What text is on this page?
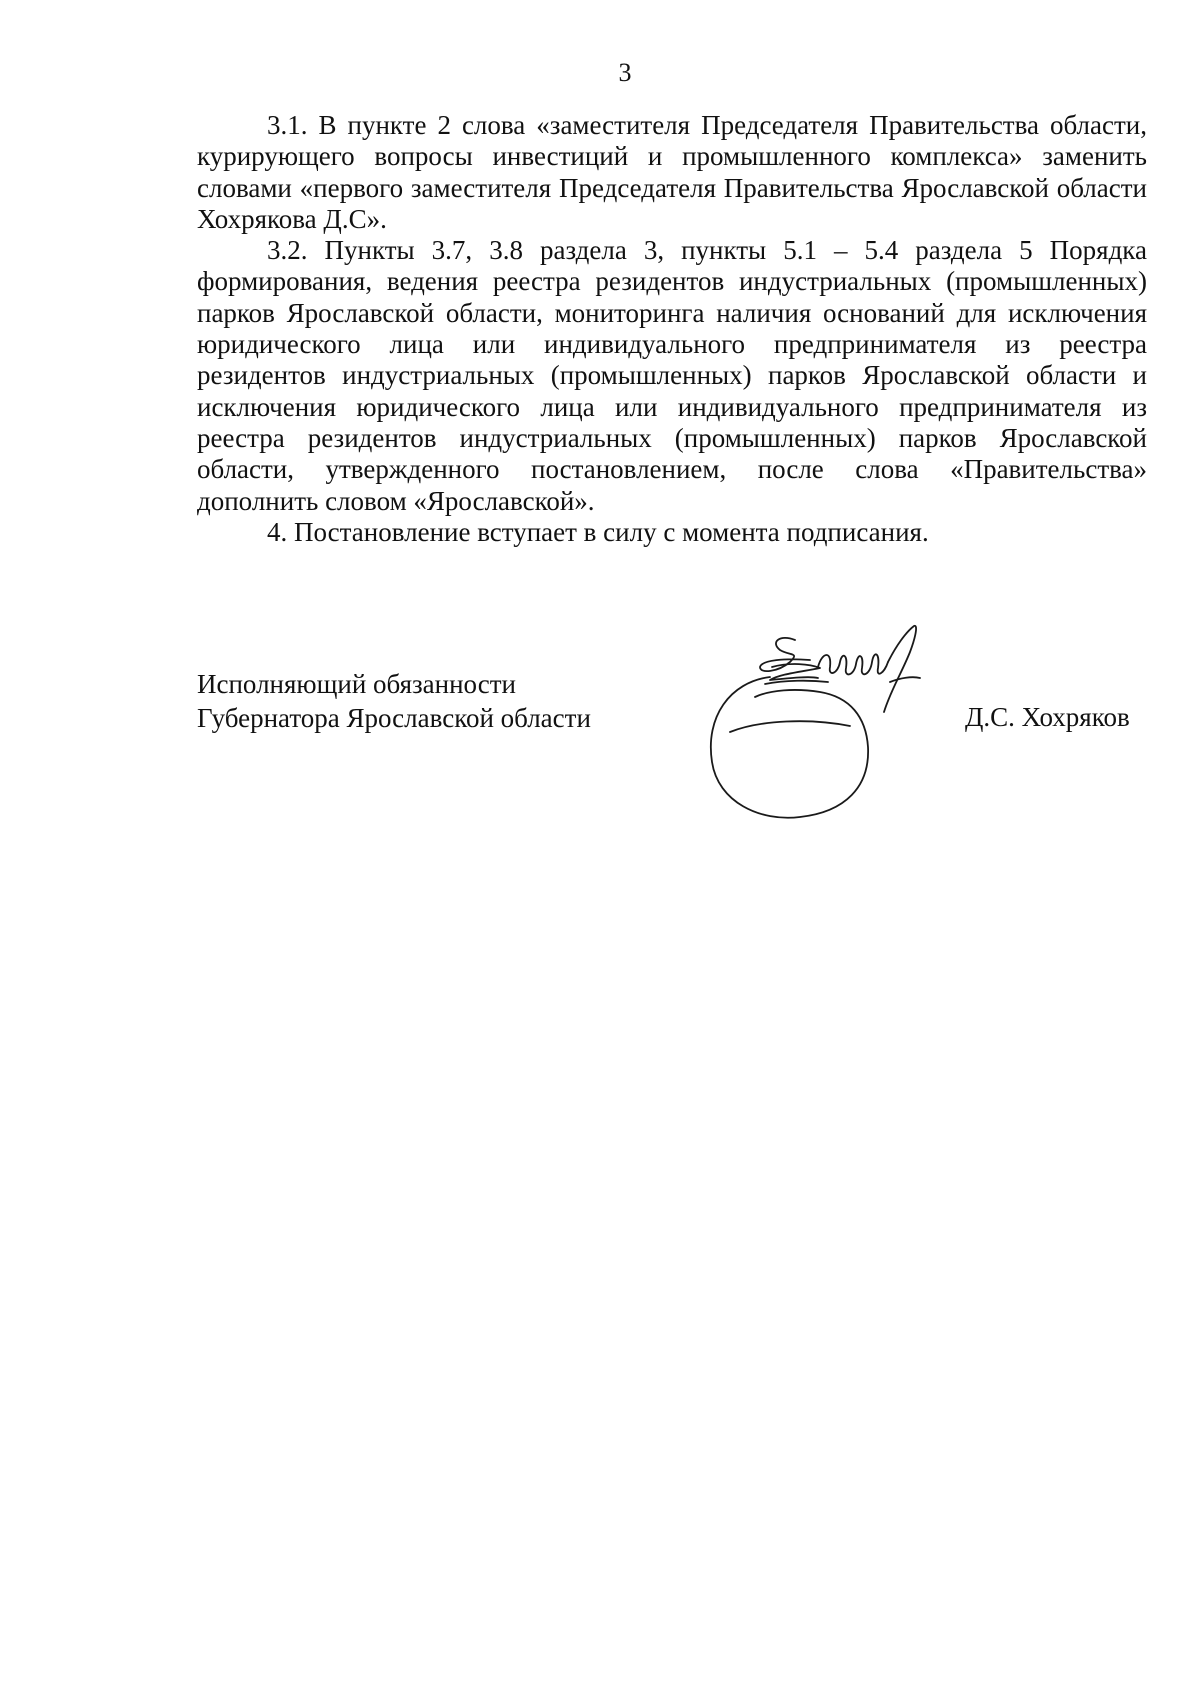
3

3.1. В пункте 2 слова «заместителя Председателя Правительства области, курирующего вопросы инвестиций и промышленного комплекса» заменить словами «первого заместителя Председателя Правительства Ярославской области Хохрякова Д.С».

3.2. Пункты 3.7, 3.8 раздела 3, пункты 5.1 – 5.4 раздела 5 Порядка формирования, ведения реестра резидентов индустриальных (промышленных) парков Ярославской области, мониторинга наличия оснований для исключения юридического лица или индивидуального предпринимателя из реестра резидентов индустриальных (промышленных) парков Ярославской области и исключения юридического лица или индивидуального предпринимателя из реестра резидентов индустриальных (промышленных) парков Ярославской области, утвержденного постановлением, после слова «Правительства» дополнить словом «Ярославской».

4. Постановление вступает в силу с момента подписания.

Исполняющий обязанности
Губернатора Ярославской области	Д.С. Хохряков
